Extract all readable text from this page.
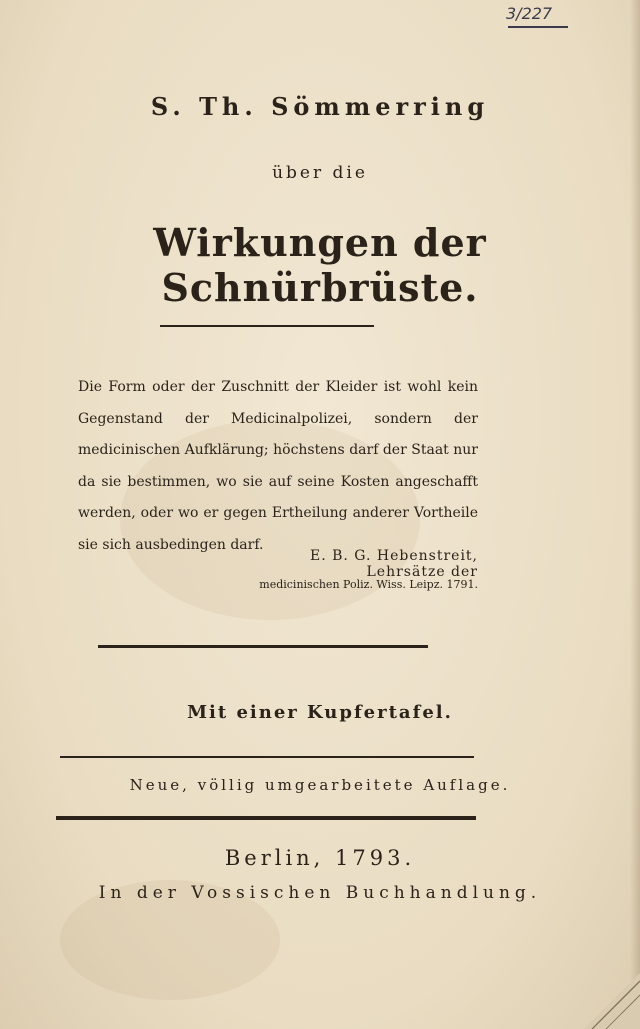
3/227
S. Th. Sömmerring
über die
Wirkungen der Schnürbrüste.
Die Form oder der Zuschnitt der Kleider ist wohl kein Gegenstand der Medicinalpolizei, sondern der medicinischen Aufklärung; höchstens darf der Staat nur da sie bestimmen, wo sie auf seine Kosten angeschafft werden, oder wo er gegen Ertheilung anderer Vortheile sie sich ausbedingen darf.
E. B. G. Hebenstreit, Lehrsätze der
medicinischen Poliz. Wiss. Leipz. 1791.
Mit einer Kupfertafel.
Neue, völlig umgearbeitete Auflage.
Berlin, 1793.
In der Vossischen Buchhandlung.
